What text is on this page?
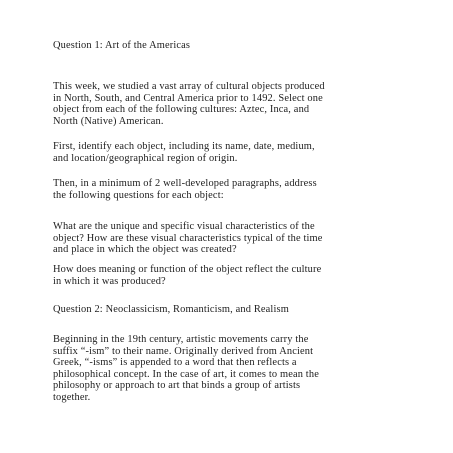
Question 1: Art of the Americas

This week, we studied a vast array of cultural objects produced
in North, South, and Central America prior to 1492. Select one
object from each of the following cultures: Aztec, Inca, and
North (Native) American.

First, identify each object, including its name, date, medium,
and location/geographical region of origin.

Then, in a minimum of 2 well-developed paragraphs, address
the following questions for each object:

What are the unique and specific visual characteristics of the
object? How are these visual characteristics typical of the time
and place in which the object was created?

How does meaning or function of the object reflect the culture
in which it was produced?

Question 2: Neoclassicism, Romanticism, and Realism

Beginning in the 19th century, artistic movements carry the
suffix “-ism” to their name. Originally derived from Ancient
Greek, “-isms” is appended to a word that then reflects a
philosophical concept. In the case of art, it comes to mean the
philosophy or approach to art that binds a group of artists
together.
